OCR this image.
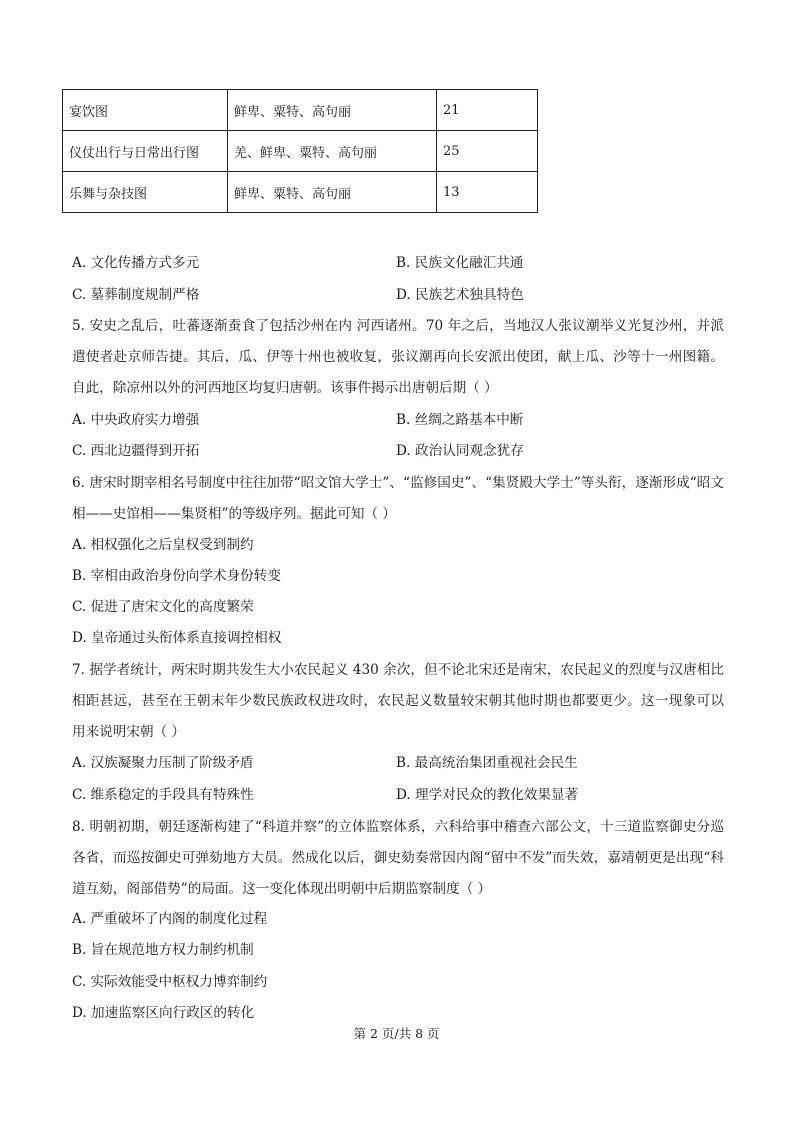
宴饮图	鲜卑、粟特、高句丽	21
仪仗出行与日常出行图	羌、鲜卑、粟特、高句丽	25
乐舞与杂技图	鲜卑、粟特、高句丽	13
A. 文化传播方式多元	B. 民族文化融汇共通
C. 墓葬制度规制严格	D. 民族艺术独具特色
5. 安史之乱后，吐蕃逐渐蚕食了包括沙州在内 河西诸州。70 年之后，当地汉人张议潮举义光复沙州，并派遣使者赴京师告捷。其后，瓜、伊等十州也被收复，张议潮再向长安派出使团，献上瓜、沙等十一州图籍。自此，除凉州以外的河西地区均复归唐朝。该事件揭示出唐朝后期（ ）
A. 中央政府实力增强	B. 丝绸之路基本中断
C. 西北边疆得到开拓	D. 政治认同观念犹存
6. 唐宋时期宰相名号制度中往往加带“昭文馆大学士”、“监修国史”、“集贤殿大学士”等头衔，逐渐形成“昭文相——史馆相——集贤相”的等级序列。据此可知（ ）
A. 相权强化之后皇权受到制约
B. 宰相由政治身份向学术身份转变
C. 促进了唐宋文化的高度繁荣
D. 皇帝通过头衔体系直接调控相权
7. 据学者统计，两宋时期共发生大小农民起义 430 余次，但不论北宋还是南宋，农民起义的烈度与汉唐相比相距甚远，甚至在王朝末年少数民族政权进攻时，农民起义数量较宋朝其他时期也都要更少。这一现象可以用来说明宋朝（ ）
A. 汉族凝聚力压制了阶级矛盾	B. 最高统治集团重视社会民生
C. 维系稳定的手段具有特殊性	D. 理学对民众的教化效果显著
8. 明朝初期，朝廷逐渐构建了“科道并察”的立体监察体系，六科给事中稽查六部公文，十三道监察御史分巡各省，而巡按御史可弹劾地方大员。然成化以后，御史劾奏常因内阁“留中不发”而失效，嘉靖朝更是出现“科道互劾，阁部借势”的局面。这一变化体现出明朝中后期监察制度（ ）
A. 严重破坏了内阁的制度化过程
B. 旨在规范地方权力制约机制
C. 实际效能受中枢权力博弈制约
D. 加速监察区向行政区的转化
第 2 页/共 8 页
